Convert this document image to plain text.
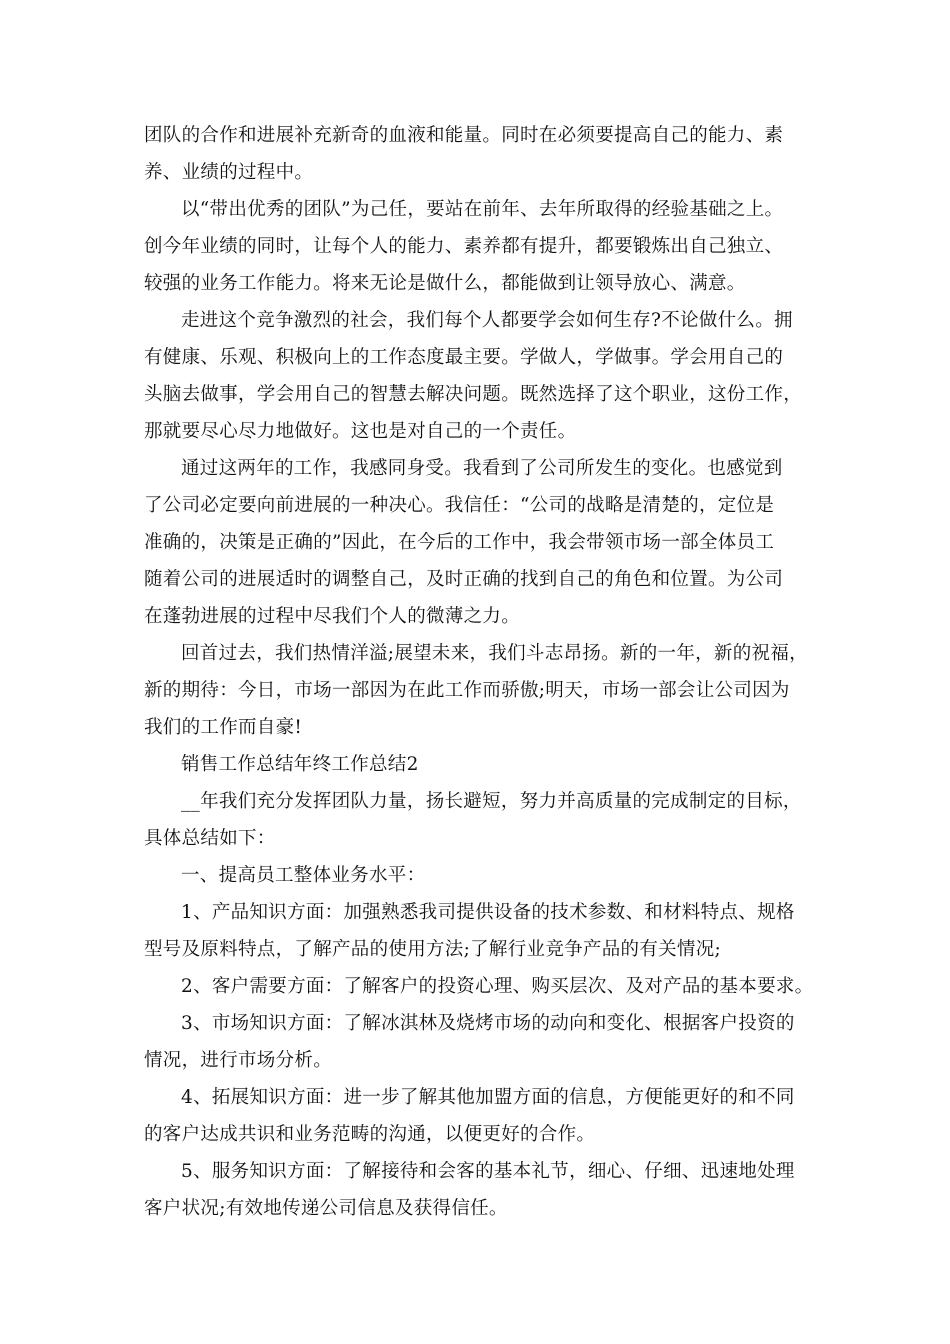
团队的合作和进展补充新奇的血液和能量。同时在必须要提高自己的能力、素
养、业绩的过程中。
以“带出优秀的团队”为己任，要站在前年、去年所取得的经验基础之上。
创今年业绩的同时，让每个人的能力、素养都有提升，都要锻炼出自己独立、
较强的业务工作能力。将来无论是做什么，都能做到让领导放心、满意。
走进这个竞争激烈的社会，我们每个人都要学会如何生存?不论做什么。拥
有健康、乐观、积极向上的工作态度最主要。学做人，学做事。学会用自己的
头脑去做事，学会用自己的智慧去解决问题。既然选择了这个职业，这份工作，
那就要尽心尽力地做好。这也是对自己的一个责任。
通过这两年的工作，我感同身受。我看到了公司所发生的变化。也感觉到
了公司必定要向前进展的一种决心。我信任：“公司的战略是清楚的，定位是
准确的，决策是正确的”因此，在今后的工作中，我会带领市场一部全体员工
随着公司的进展适时的调整自己，及时正确的找到自己的角色和位置。为公司
在蓬勃进展的过程中尽我们个人的微薄之力。
回首过去，我们热情洋溢;展望未来，我们斗志昂扬。新的一年，新的祝福，
新的期待：今日，市场一部因为在此工作而骄傲;明天，市场一部会让公司因为
我们的工作而自豪!
销售工作总结年终工作总结2
__年我们充分发挥团队力量，扬长避短，努力并高质量的完成制定的目标，
具体总结如下：
一、提高员工整体业务水平：
1、产品知识方面：加强熟悉我司提供设备的技术参数、和材料特点、规格
型号及原料特点，了解产品的使用方法;了解行业竞争产品的有关情况;
2、客户需要方面：了解客户的投资心理、购买层次、及对产品的基本要求。
3、市场知识方面：了解冰淇林及烧烤市场的动向和变化、根据客户投资的
情况，进行市场分析。
4、拓展知识方面：进一步了解其他加盟方面的信息，方便能更好的和不同
的客户达成共识和业务范畴的沟通，以便更好的合作。
5、服务知识方面：了解接待和会客的基本礼节，细心、仔细、迅速地处理
客户状况;有效地传递公司信息及获得信任。
